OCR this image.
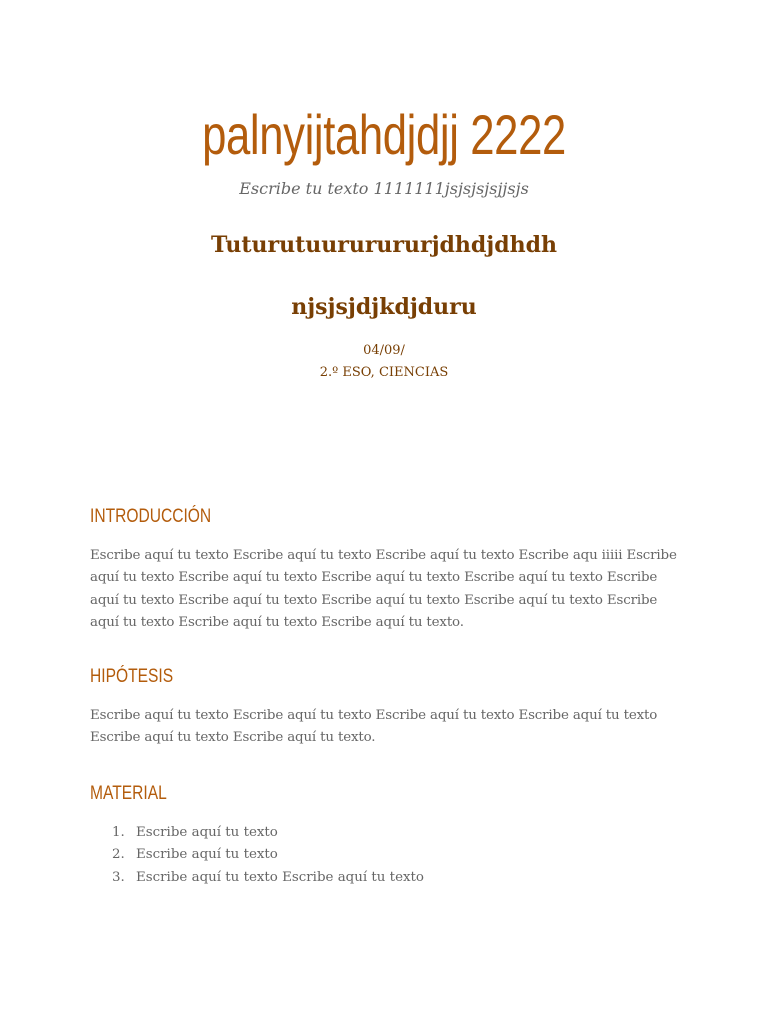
palnyijtahdjdjj 2222
Escribe tu texto 1111111jsjsjsjsjjsjs
Tuturutuururururjdhdjdhdh
njsjsjdjkdjduru
04/09/
2.º ESO, CIENCIAS
INTRODUCCIÓN
Escribe aquí tu texto Escribe aquí tu texto Escribe aquí tu texto Escribe aqu iiiii Escribe aquí tu texto Escribe aquí tu texto Escribe aquí tu texto Escribe aquí tu texto Escribe aquí tu texto Escribe aquí tu texto Escribe aquí tu texto Escribe aquí tu texto Escribe aquí tu texto Escribe aquí tu texto Escribe aquí tu texto.
HIPÓTESIS
Escribe aquí tu texto Escribe aquí tu texto Escribe aquí tu texto Escribe aquí tu texto Escribe aquí tu texto Escribe aquí tu texto.
MATERIAL
1. Escribe aquí tu texto
2. Escribe aquí tu texto
3. Escribe aquí tu texto Escribe aquí tu texto
